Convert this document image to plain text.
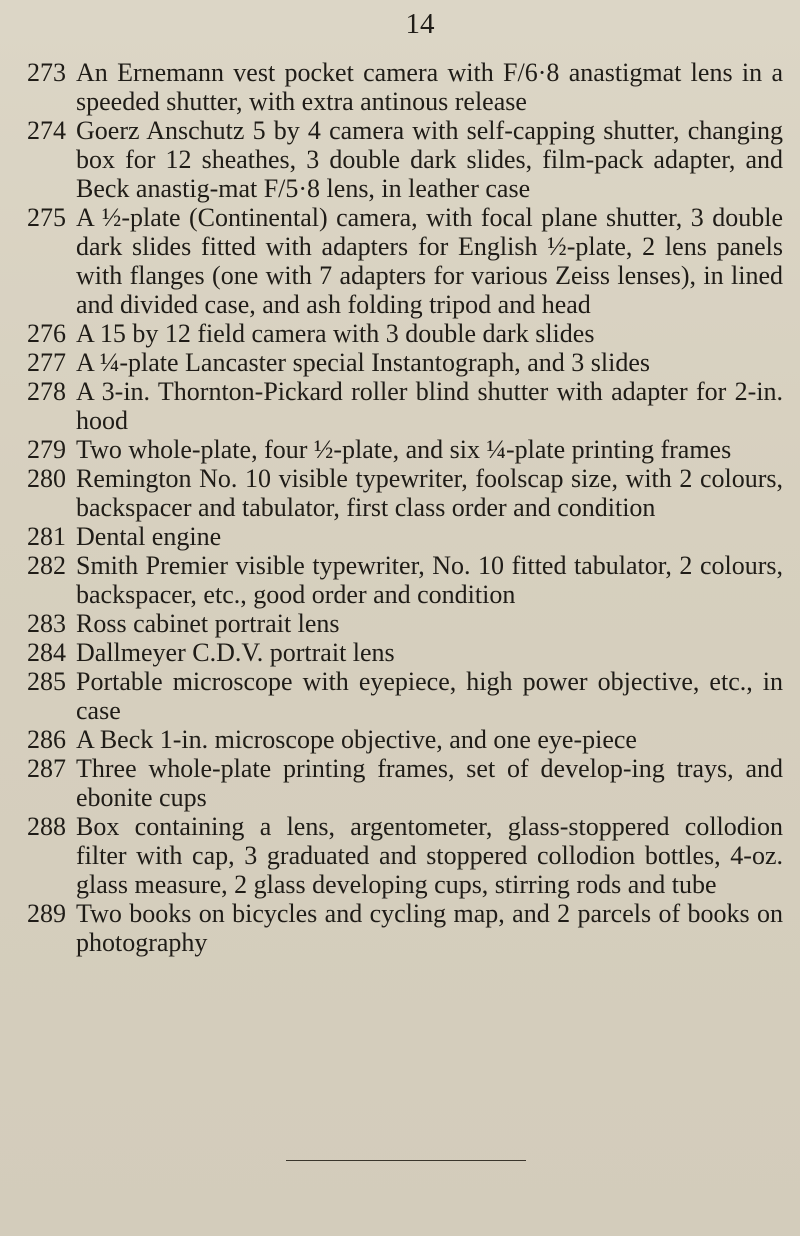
14
273 An Ernemann vest pocket camera with F/6·8 anastigmat lens in a speeded shutter, with extra antinous release
274 Goerz Anschutz 5 by 4 camera with self-capping shutter, changing box for 12 sheathes, 3 double dark slides, film-pack adapter, and Beck anastig-mat F/5·8 lens, in leather case
275 A ½-plate (Continental) camera, with focal plane shutter, 3 double dark slides fitted with adapters for English ½-plate, 2 lens panels with flanges (one with 7 adapters for various Zeiss lenses), in lined and divided case, and ash folding tripod and head
276 A 15 by 12 field camera with 3 double dark slides
277 A ¼-plate Lancaster special Instantograph, and 3 slides
278 A 3-in. Thornton-Pickard roller blind shutter with adapter for 2-in. hood
279 Two whole-plate, four ½-plate, and six ¼-plate printing frames
280 Remington No. 10 visible typewriter, foolscap size, with 2 colours, backspacer and tabulator, first class order and condition
281 Dental engine
282 Smith Premier visible typewriter, No. 10 fitted tabulator, 2 colours, backspacer, etc., good order and condition
283 Ross cabinet portrait lens
284 Dallmeyer C.D.V. portrait lens
285 Portable microscope with eyepiece, high power objective, etc., in case
286 A Beck 1-in. microscope objective, and one eye-piece
287 Three whole-plate printing frames, set of develop-ing trays, and ebonite cups
288 Box containing a lens, argentometer, glass-stoppered collodion filter with cap, 3 graduated and stoppered collodion bottles, 4-oz. glass measure, 2 glass developing cups, stirring rods and tube
289 Two books on bicycles and cycling map, and 2 parcels of books on photography
